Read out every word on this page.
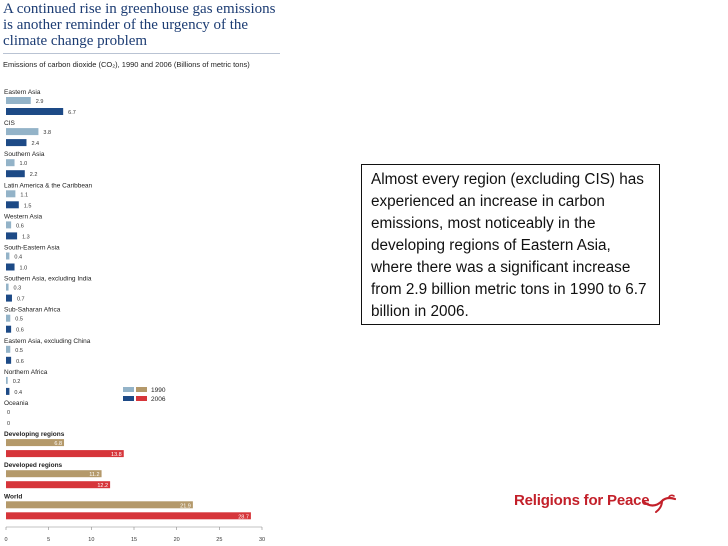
A continued rise in greenhouse gas emissions is another reminder of the urgency of the climate change problem

Emissions of carbon dioxide (CO₂), 1990 and 2006 (Billions of metric tons)

Eastern Asia
2.9
6.7
CIS
3.8
2.4
Southern Asia
1.0
2.2
Latin America & the Caribbean
1.1
1.5
Western Asia
0.6
1.3
South-Eastern Asia
0.4
1.0
Southern Asia, excluding India
0.3
0.7
Sub-Saharan Africa
0.5
0.6
Eastern Asia, excluding China
0.5
0.6
Northern Africa
0.2
0.4
Oceania
0
0
Developing regions
6.8
13.8
Developed regions
11.2
12.2
World
21.9
28.7
0	5	10	15	20	25	30
1990
2006

Almost every region (excluding CIS) has experienced an increase in carbon emissions, most noticeably in the developing regions of Eastern Asia, where there was a significant increase from 2.9 billion metric tons in 1990 to 6.7 billion in 2006.

Religions for Peace
